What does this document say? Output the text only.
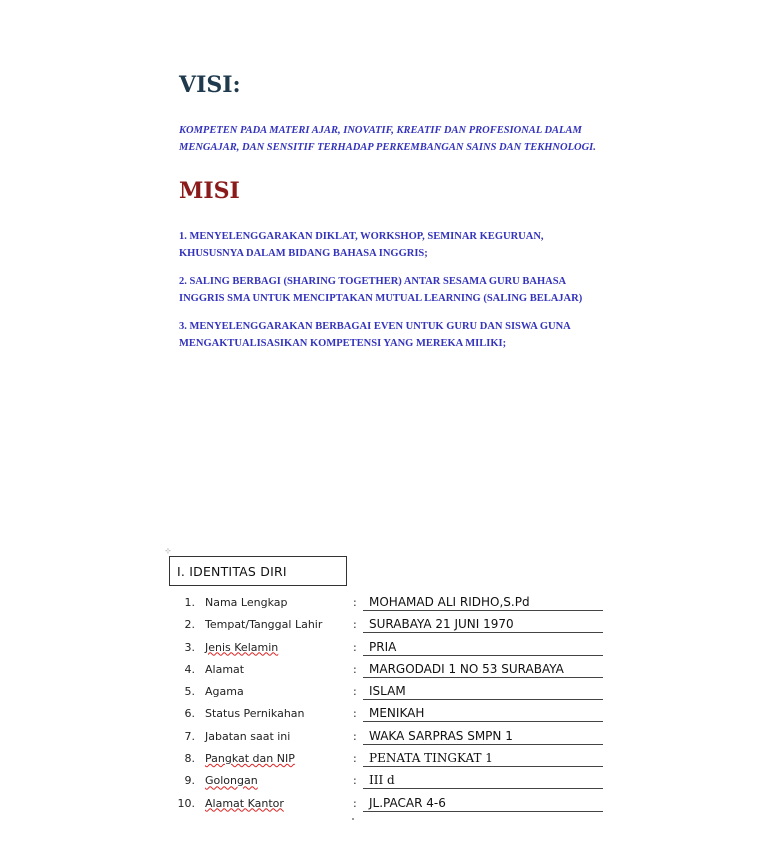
VISI:

KOMPETEN PADA MATERI AJAR, INOVATIF, KREATIF DAN PROFESIONAL DALAM
MENGAJAR, DAN SENSITIF TERHADAP PERKEMBANGAN SAINS DAN TEKHNOLOGI.

MISI

1. MENYELENGGARAKAN DIKLAT, WORKSHOP, SEMINAR KEGURUAN,
KHUSUSNYA DALAM BIDANG BAHASA INGGRIS;

2. SALING BERBAGI (SHARING TOGETHER) ANTAR SESAMA GURU BAHASA
INGGRIS SMA UNTUK MENCIPTAKAN MUTUAL LEARNING (SALING BELAJAR)

3. MENYELENGGARAKAN BERBAGAI EVEN UNTUK GURU DAN SISWA GUNA
MENGAKTUALISASIKAN KOMPETENSI YANG MEREKA MILIKI;

⊹
I. IDENTITAS DIRI
1. Nama Lengkap	:	MOHAMAD ALI RIDHO,S.Pd
2. Tempat/Tanggal Lahir	:	SURABAYA 21 JUNI 1970
3. Jenis Kelamin	:	PRIA
4. Alamat	:	MARGODADI 1 NO 53 SURABAYA
5. Agama	:	ISLAM
6. Status Pernikahan	:	MENIKAH
7. Jabatan saat ini	:	WAKA SARPRAS SMPN 1
8. Pangkat dan NIP	:	PENATA TINGKAT 1
9. Golongan	:	III d
10. Alamat Kantor	:	JL.PACAR 4-6
